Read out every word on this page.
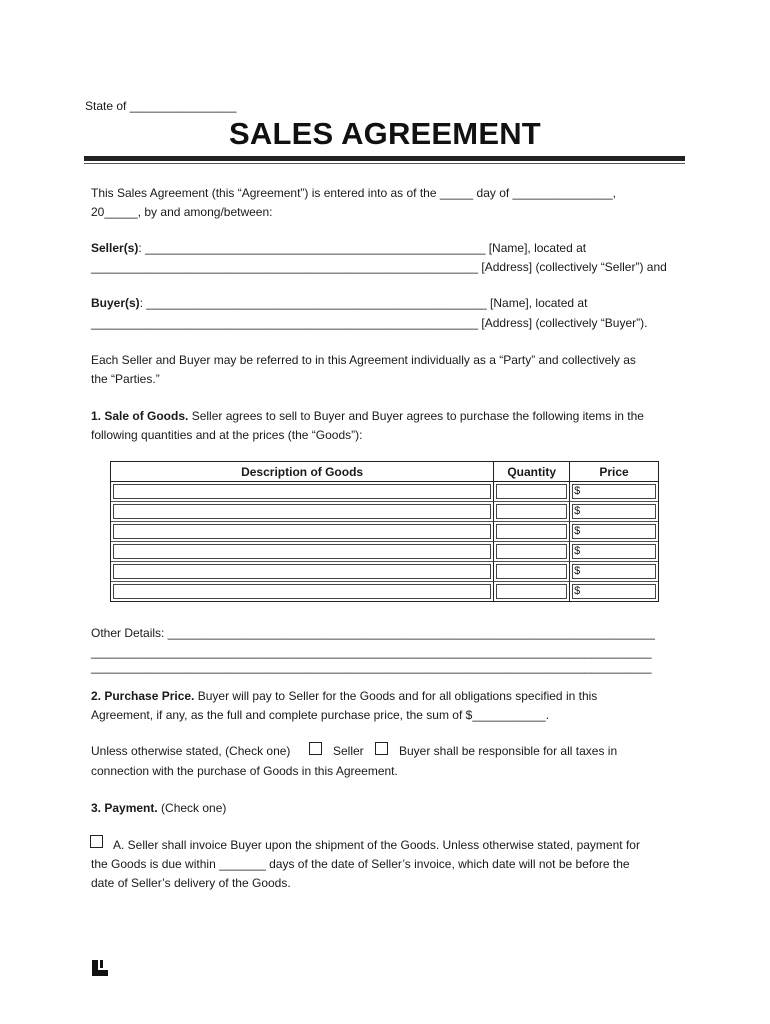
State of ________________
SALES AGREEMENT
This Sales Agreement (this “Agreement”) is entered into as of the _____ day of _______________,
20_____, by and among/between:
Seller(s): ___________________________________________________ [Name], located at
__________________________________________________________ [Address] (collectively “Seller”) and
Buyer(s): ___________________________________________________ [Name], located at
__________________________________________________________ [Address] (collectively “Buyer”).
Each Seller and Buyer may be referred to in this Agreement individually as a “Party” and collectively as
the “Parties.”
1. Sale of Goods. Seller agrees to sell to Buyer and Buyer agrees to purchase the following items in the
following quantities and at the prices (the “Goods”):
Description of Goods	Quantity	Price

		$

		$

		$

		$

		$

		$
Other Details: _________________________________________________________________________
____________________________________________________________________________________
____________________________________________________________________________________
2. Purchase Price. Buyer will pay to Seller for the Goods and for all obligations specified in this
Agreement, if any, as the full and complete purchase price, the sum of $___________.
Unless otherwise stated, (Check one)	Seller	Buyer shall be responsible for all taxes in
connection with the purchase of Goods in this Agreement.
3. Payment. (Check one)
A. Seller shall invoice Buyer upon the shipment of the Goods. Unless otherwise stated, payment for
the Goods is due within _______ days of the date of Seller’s invoice, which date will not be before the
date of Seller’s delivery of the Goods.
